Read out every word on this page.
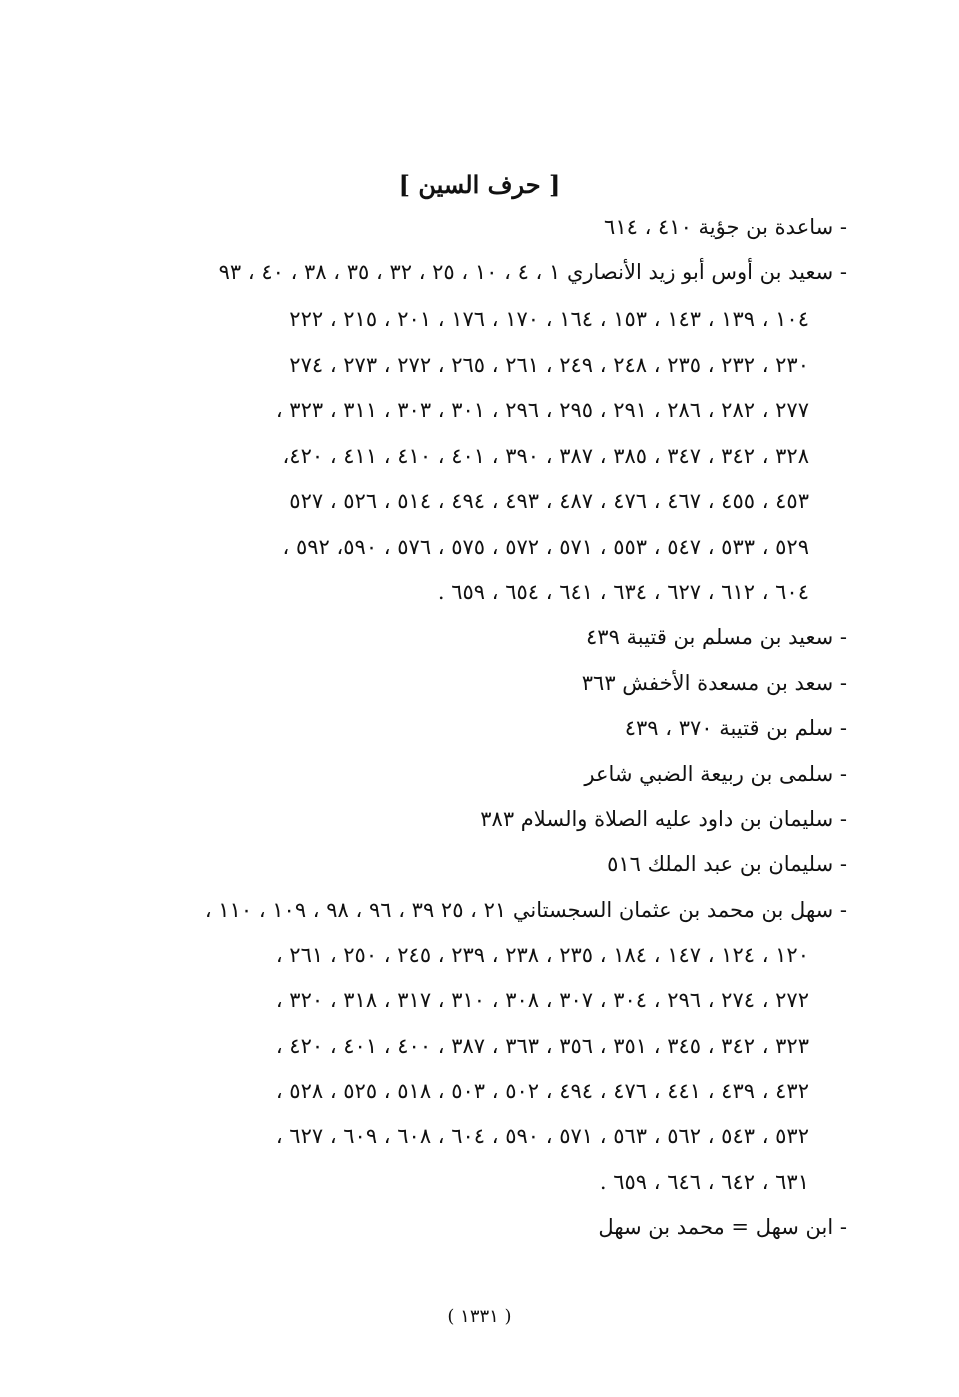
[ حرف السين ]
- ساعدة بن جؤية ٤١٠ ، ٦١٤
- سعيد بن أوس أبو زيد الأنصاري ١ ، ٤ ، ١٠ ، ٢٥ ، ٣٢ ، ٣٥ ، ٣٨ ، ٤٠ ، ٩٣
١٠٤ ، ١٣٩ ، ١٤٣ ، ١٥٣ ، ١٦٤ ، ١٧٠ ، ١٧٦ ، ٢٠١ ، ٢١٥ ، ٢٢٢
٢٣٠ ، ٢٣٢ ، ٢٣٥ ، ٢٤٨ ، ٢٤٩ ، ٢٦١ ، ٢٦٥ ، ٢٧٢ ، ٢٧٣ ، ٢٧٤
٢٧٧ ، ٢٨٢ ، ٢٨٦ ، ٢٩١ ، ٢٩٥ ، ٢٩٦ ، ٣٠١ ، ٣٠٣ ، ٣١١ ، ٣٢٣ ،
٣٢٨ ، ٣٤٢ ، ٣٤٧ ، ٣٨٥ ، ٣٨٧ ، ٣٩٠ ، ٤٠١ ، ٤١٠ ، ٤١١ ، ٤٢٠،
٤٥٣ ، ٤٥٥ ، ٤٦٧ ، ٤٧٦ ، ٤٨٧ ، ٤٩٣ ، ٤٩٤ ، ٥١٤ ، ٥٢٦ ، ٥٢٧
٥٢٩ ، ٥٣٣ ، ٥٤٧ ، ٥٥٣ ، ٥٧١ ، ٥٧٢ ، ٥٧٥ ، ٥٧٦ ، ٥٩٠، ٥٩٢ ،
٦٠٤ ، ٦١٢ ، ٦٢٧ ، ٦٣٤ ، ٦٤١ ، ٦٥٤ ، ٦٥٩ .
- سعيد بن مسلم بن قتيبة ٤٣٩
- سعد بن مسعدة الأخفش ٣٦٣
- سلم بن قتيبة ٣٧٠ ، ٤٣٩
- سلمى بن ربيعة الضبي شاعر
- سليمان بن داود عليه الصلاة والسلام ٣٨٣
- سليمان بن عبد الملك ٥١٦
- سهل بن محمد بن عثمان السجستاني ٢١ ، ٢٥ ٣٩ ، ٩٦ ، ٩٨ ، ١٠٩ ، ١١٠ ،
١٢٠ ، ١٢٤ ، ١٤٧ ، ١٨٤ ، ٢٣٥ ، ٢٣٨ ، ٢٣٩ ، ٢٤٥ ، ٢٥٠ ، ٢٦١ ،
٢٧٢ ، ٢٧٤ ، ٢٩٦ ، ٣٠٤ ، ٣٠٧ ، ٣٠٨ ، ٣١٠ ، ٣١٧ ، ٣١٨ ، ٣٢٠ ،
٣٢٣ ، ٣٤٢ ، ٣٤٥ ، ٣٥١ ، ٣٥٦ ، ٣٦٣ ، ٣٨٧ ، ٤٠٠ ، ٤٠١ ، ٤٢٠ ،
٤٣٢ ، ٤٣٩ ، ٤٤١ ، ٤٧٦ ، ٤٩٤ ، ٥٠٢ ، ٥٠٣ ، ٥١٨ ، ٥٢٥ ، ٥٢٨ ،
٥٣٢ ، ٥٤٣ ، ٥٦٢ ، ٥٦٣ ، ٥٧١ ، ٥٩٠ ، ٦٠٤ ، ٦٠٨ ، ٦٠٩ ، ٦٢٧ ،
٦٣١ ، ٦٤٢ ، ٦٤٦ ، ٦٥٩ .
- ابن سهل = محمد بن سهل
( ١٣٣١ )
